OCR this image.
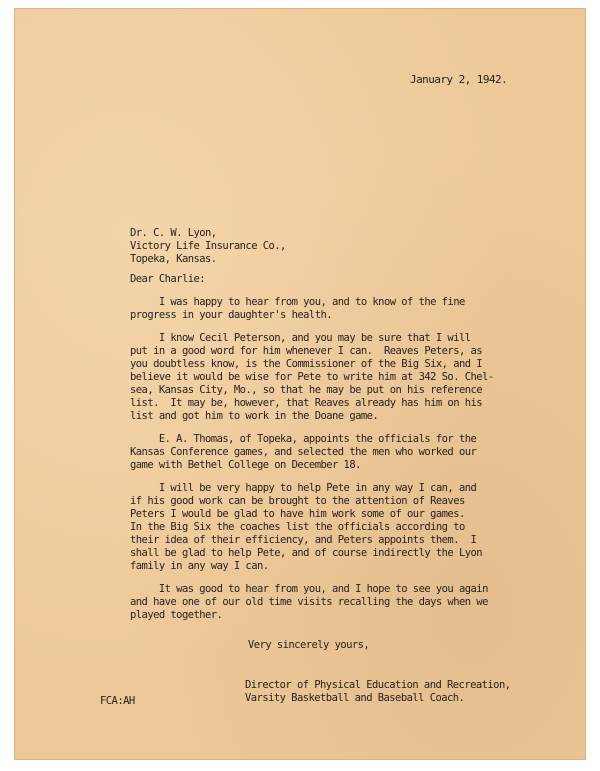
January 2, 1942.

Dr. C. W. Lyon,

Victory Life Insurance Co.,

Topeka, Kansas.

Dear Charlie:

I was happy to hear from you, and to know of the fine

progress in your daughter's health.

I know Cecil Peterson, and you may be sure that I will

put in a good word for him whenever I can.  Reaves Peters, as

you doubtless know, is the Commissioner of the Big Six, and I

believe it would be wise for Pete to write him at 342 So. Chel-

sea, Kansas City, Mo., so that he may be put on his reference

list.  It may be, however, that Reaves already has him on his

list and got him to work in the Doane game.

E. A. Thomas, of Topeka, appoints the officials for the

Kansas Conference games, and selected the men who worked our

game with Bethel College on December 18.

I will be very happy to help Pete in any way I can, and

if his good work can be brought to the attention of Reaves

Peters I would be glad to have him work some of our games.

In the Big Six the coaches list the officials according to

their idea of their efficiency, and Peters appoints them.  I

shall be glad to help Pete, and of course indirectly the Lyon

family in any way I can.

It was good to hear from you, and I hope to see you again

and have one of our old time visits recalling the days when we

played together.

Very sincerely yours,

Director of Physical Education and Recreation,

Varsity Basketball and Baseball Coach.

FCA:AH
